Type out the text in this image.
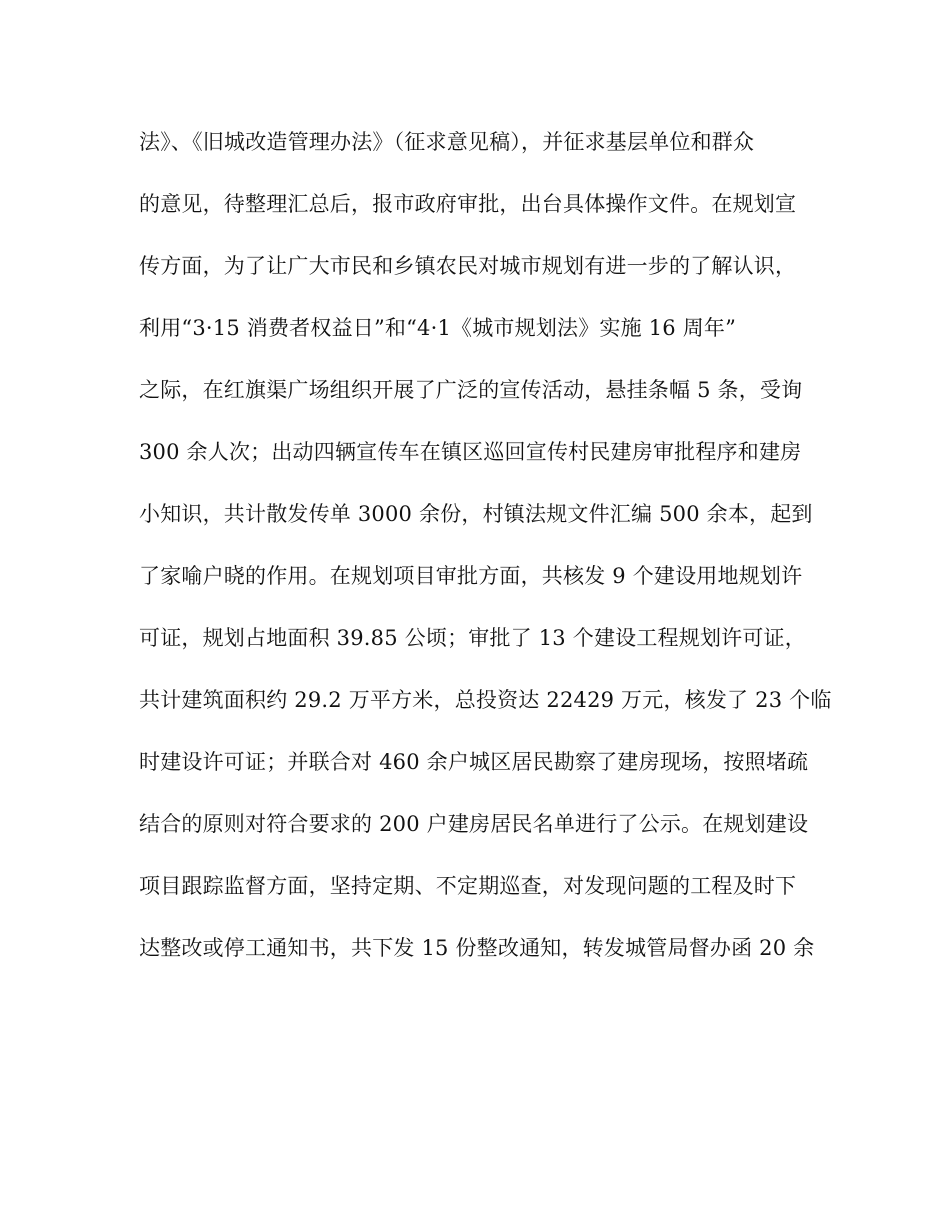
法》、《旧城改造管理办法》（征求意见稿），并征求基层单位和群众
的意见，待整理汇总后，报市政府审批，出台具体操作文件。在规划宣
传方面，为了让广大市民和乡镇农民对城市规划有进一步的了解认识，
利用“3·15 消费者权益日”和“4·1《城市规划法》实施 16 周年”
之际，在红旗渠广场组织开展了广泛的宣传活动，悬挂条幅 5 条，受询
300 余人次；出动四辆宣传车在镇区巡回宣传村民建房审批程序和建房
小知识，共计散发传单 3000 余份，村镇法规文件汇编 500 余本，起到
了家喻户晓的作用。在规划项目审批方面，共核发 9 个建设用地规划许
可证，规划占地面积 39.85 公顷；审批了 13 个建设工程规划许可证，
共计建筑面积约 29.2 万平方米，总投资达 22429 万元，核发了 23 个临
时建设许可证；并联合对 460 余户城区居民勘察了建房现场，按照堵疏
结合的原则对符合要求的 200 户建房居民名单进行了公示。在规划建设
项目跟踪监督方面，坚持定期、不定期巡查，对发现问题的工程及时下
达整改或停工通知书，共下发 15 份整改通知，转发城管局督办函 20 余
